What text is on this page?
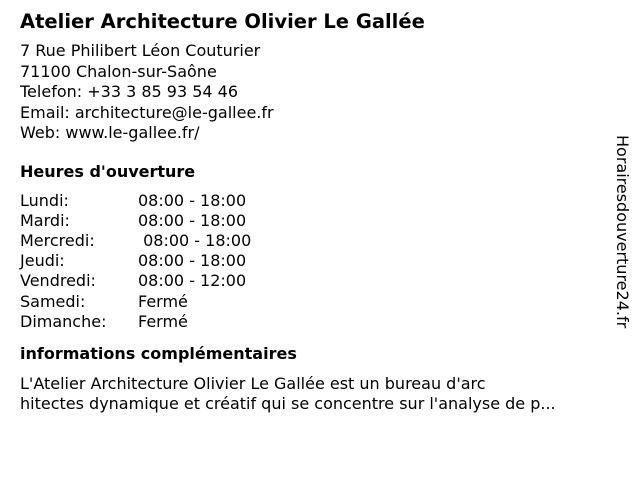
Atelier Architecture Olivier Le Gallée
7 Rue Philibert Léon Couturier
71100 Chalon-sur-Saône
Telefon: +33 3 85 93 54 46
Email: architecture@le-gallee.fr
Web: www.le-gallee.fr/
Heures d'ouverture
Lundi:	08:00 - 18:00
Mardi:	08:00 - 18:00
Mercredi:	08:00 - 18:00
Jeudi:	08:00 - 18:00
Vendredi:	08:00 - 12:00
Samedi:	Fermé
Dimanche:	Fermé
informations complémentaires
L'Atelier Architecture Olivier Le Gallée est un bureau d'arc
hitectes dynamique et créatif qui se concentre sur l'analyse de p...
Horairesdouverture24.fr
